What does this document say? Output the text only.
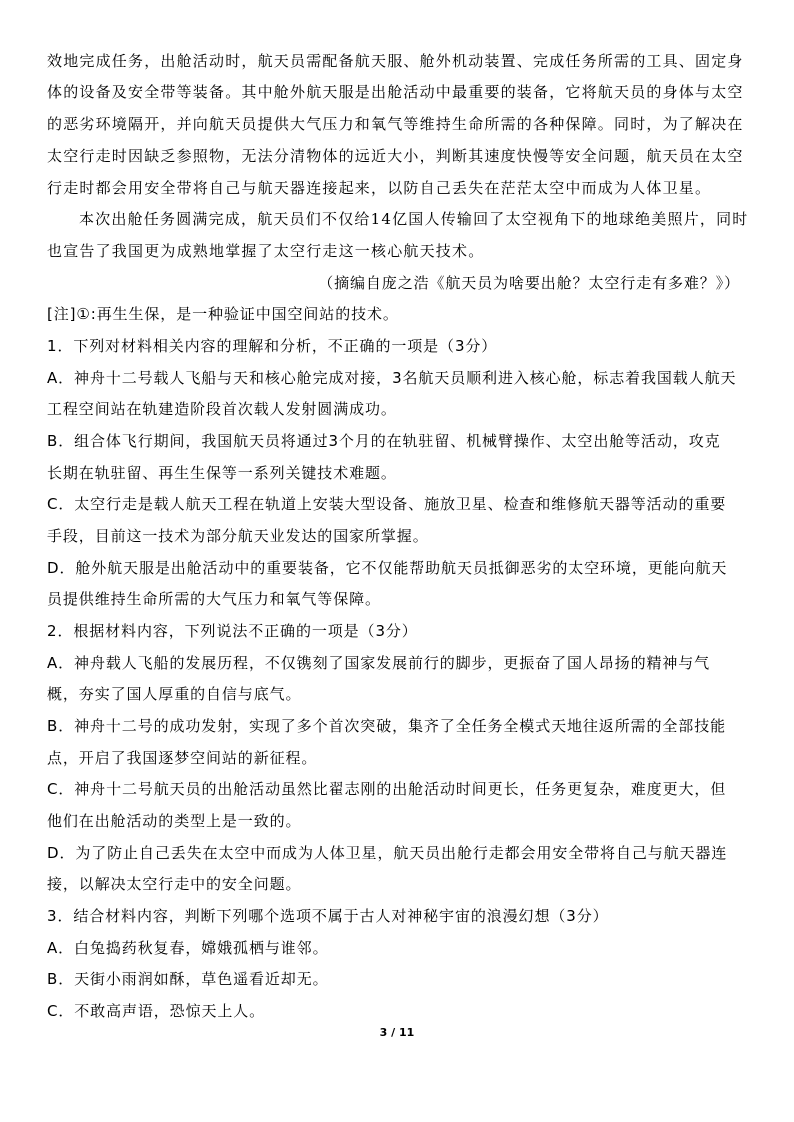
效地完成任务，出舱活动时，航天员需配备航天服、舱外机动装置、完成任务所需的工具、固定身
体的设备及安全带等装备。其中舱外航天服是出舱活动中最重要的装备，它将航天员的身体与太空
的恶劣环境隔开，并向航天员提供大气压力和氧气等维持生命所需的各种保障。同时，为了解决在
太空行走时因缺乏参照物，无法分清物体的远近大小，判断其速度快慢等安全问题，航天员在太空
行走时都会用安全带将自己与航天器连接起来，以防自己丢失在茫茫太空中而成为人体卫星。
本次出舱任务圆满完成，航天员们不仅给14亿国人传输回了太空视角下的地球绝美照片，同时
也宣告了我国更为成熟地掌握了太空行走这一核心航天技术。
（摘编自庞之浩《航天员为啥要出舱？太空行走有多难？》）
[注]①:再生生保，是一种验证中国空间站的技术。
1．下列对材料相关内容的理解和分析，不正确的一项是（3分）
A．神舟十二号载人飞船与天和核心舱完成对接，3名航天员顺利进入核心舱，标志着我国载人航天
工程空间站在轨建造阶段首次载人发射圆满成功。
B．组合体飞行期间，我国航天员将通过3个月的在轨驻留、机械臂操作、太空出舱等活动，攻克
长期在轨驻留、再生生保等一系列关键技术难题。
C．太空行走是载人航天工程在轨道上安装大型设备、施放卫星、检查和维修航天器等活动的重要
手段，目前这一技术为部分航天业发达的国家所掌握。
D．舱外航天服是出舱活动中的重要装备，它不仅能帮助航天员抵御恶劣的太空环境，更能向航天
员提供维持生命所需的大气压力和氧气等保障。
2．根据材料内容，下列说法不正确的一项是（3分）
A．神舟载人飞船的发展历程，不仅镌刻了国家发展前行的脚步，更振奋了国人昂扬的精神与气
概，夯实了国人厚重的自信与底气。
B．神舟十二号的成功发射，实现了多个首次突破，集齐了全任务全模式天地往返所需的全部技能
点，开启了我国逐梦空间站的新征程。
C．神舟十二号航天员的出舱活动虽然比翟志刚的出舱活动时间更长，任务更复杂，难度更大，但
他们在出舱活动的类型上是一致的。
D．为了防止自己丢失在太空中而成为人体卫星，航天员出舱行走都会用安全带将自己与航天器连
接，以解决太空行走中的安全问题。
3．结合材料内容，判断下列哪个选项不属于古人对神秘宇宙的浪漫幻想（3分）
A．白兔捣药秋复春，嫦娥孤栖与谁邻。
B．天街小雨润如酥，草色遥看近却无。
C．不敢高声语，恐惊天上人。
3 / 11
